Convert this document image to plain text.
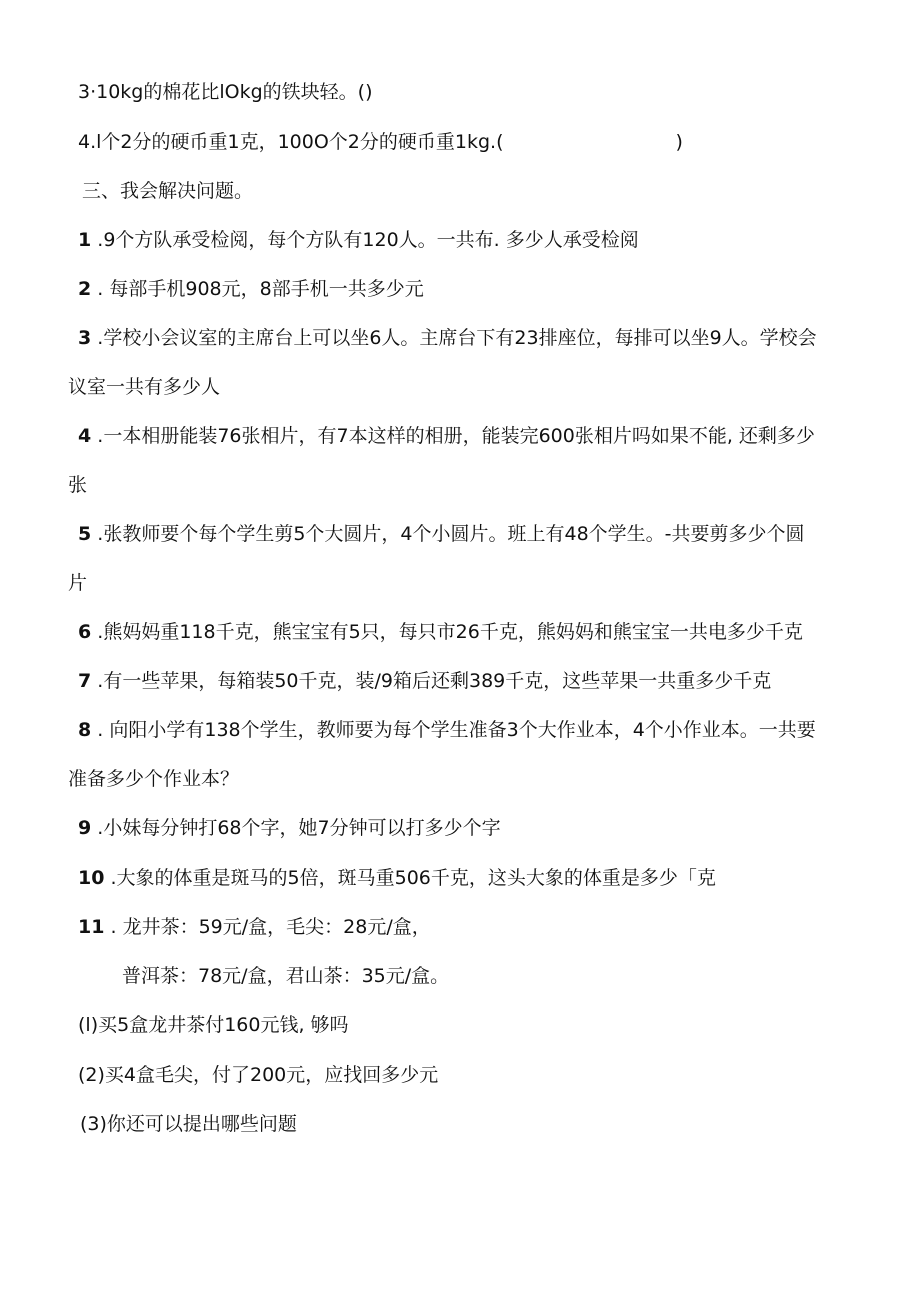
3·10kg的棉花比lOkg的铁块轻。()
4.l个2分的硬币重1克，100O个2分的硬币重1kg.(	)
三、我会解决问题。
1 .9个方队承受检阅，每个方队有120人。一共布. 多少人承受检阅
2 . 每部手机908元，8部手机一共多少元
3 .学校小会议室的主席台上可以坐6人。主席台下有23排座位，每排可以坐9人。学校会
议室一共有多少人
4 .一本相册能装76张相片，有7本这样的相册，能装完600张相片吗如果不能, 还剩多少
张
5 .张教师要个每个学生剪5个大圆片，4个小圆片。班上有48个学生。-共要剪多少个圆
片
6 .熊妈妈重118千克，熊宝宝有5只，每只市26千克，熊妈妈和熊宝宝一共电多少千克
7 .有一些苹果，每箱装50千克，装/9箱后还剩389千克，这些苹果一共重多少千克
8 . 向阳小学有138个学生，教师要为每个学生准备3个大作业本，4个小作业本。一共要
准备多少个作业本？
9 .小妹每分钟打68个字，她7分钟可以打多少个字
10 .大象的体重是斑马的5倍，斑马重506千克，这头大象的体重是多少「克
11 . 龙井茶：59元/盒，毛尖：28元/盒，
普洱茶：78元/盒，君山茶：35元/盒。
(l)买5盒龙井茶付160元钱, 够吗
(2)买4盒毛尖，付了200元，应找回多少元
(3)你还可以提出哪些问题
